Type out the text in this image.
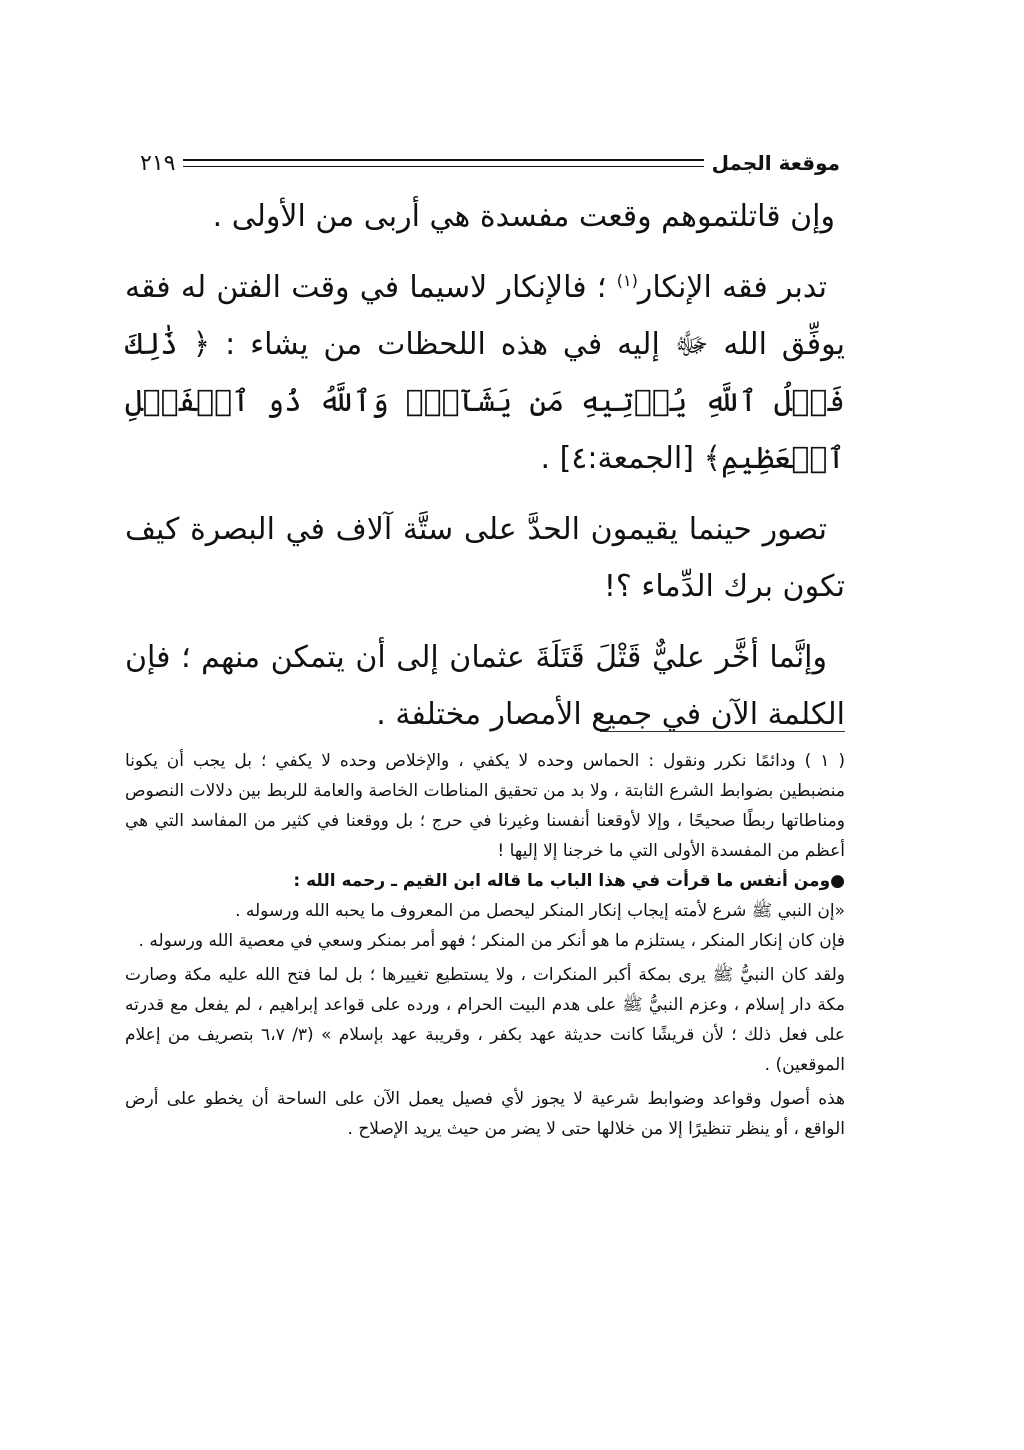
موقعة الجمل
٢١٩

وإن قاتلتموهم وقعت مفسدة هي أربى من الأولى .

تدبر فقه الإنكار$^{(١)}$ ؛ فالإنكار لاسيما في وقت الفتن له فقه يوفِّق الله ﷻ إليه في هذه اللحظات من يشاء : ﴿ ذَٰلِكَ فَضۡلُ ٱللَّهِ يُؤۡتِيهِ مَن يَشَآءُۚ وَٱللَّهُ ذُو ٱلۡفَضۡلِ ٱلۡعَظِيمِ﴾ [الجمعة:٤] .

تصور حينما يقيمون الحدَّ على ستَّة آلاف في البصرة كيف تكون برك الدِّماء ؟!

وإنَّما أخَّر عليٌّ قَتْلَ قَتَلَةَ عثمان إلى أن يتمكن منهم ؛ فإن الكلمة الآن في جميع الأمصار مختلفة .

( ١ ) ودائمًا نكرر ونقول : الحماس وحده لا يكفي ، والإخلاص وحده لا يكفي ؛ بل يجب أن يكونا منضبطين بضوابط الشرع الثابتة ، ولا بد من تحقيق المناطات الخاصة والعامة للربط بين دلالات النصوص ومناطاتها ربطًا صحيحًا ، وإلا لأوقعنا أنفسنا وغيرنا في حرج ؛ بل ووقعنا في كثير من المفاسد التي هي أعظم من المفسدة الأولى التي ما خرجنا إلا إليها !

●ومن أنفس ما قرأت في هذا الباب ما قاله ابن القيم ـ رحمه الله :

«إن النبي ﷺ شرع لأمته إيجاب إنكار المنكر ليحصل من المعروف ما يحبه الله ورسوله .

فإن كان إنكار المنكر ، يستلزم ما هو أنكر من المنكر ؛ فهو أمر بمنكر وسعي في معصية الله ورسوله .

ولقد كان النبيُّ ﷺ يرى بمكة أكبر المنكرات ، ولا يستطيع تغييرها ؛ بل لما فتح الله عليه مكة وصارت مكة دار إسلام ، وعزم النبيُّ ﷺ على هدم البيت الحرام ، ورده على قواعد إبراهيم ، لم يفعل مع قدرته على فعل ذلك ؛ لأن قريشًا كانت حديثة عهد بكفر ، وقريبة عهد بإسلام » (٣/ ٦،٧ بتصريف من إعلام الموقعين) .

هذه أصول وقواعد وضوابط شرعية لا يجوز لأي فصيل يعمل الآن على الساحة أن يخطو على أرض الواقع ، أو ينظر تنظيرًا إلا من خلالها حتى لا يضر من حيث يريد الإصلاح .
